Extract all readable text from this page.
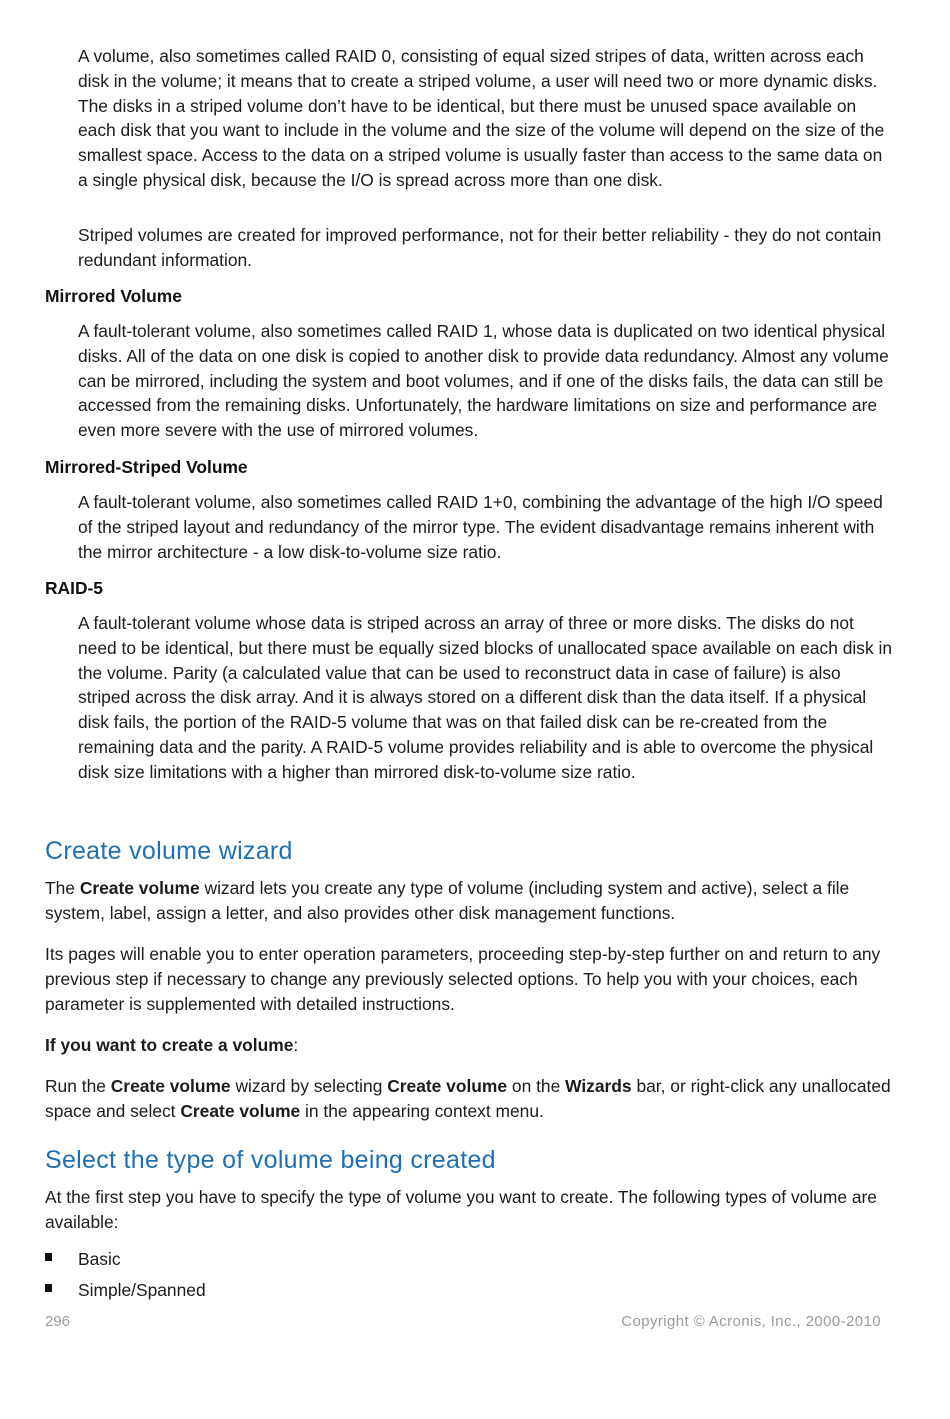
A volume, also sometimes called RAID 0, consisting of equal sized stripes of data, written across each disk in the volume; it means that to create a striped volume, a user will need two or more dynamic disks. The disks in a striped volume don’t have to be identical, but there must be unused space available on each disk that you want to include in the volume and the size of the volume will depend on the size of the smallest space. Access to the data on a striped volume is usually faster than access to the same data on a single physical disk, because the I/O is spread across more than one disk.

Striped volumes are created for improved performance, not for their better reliability - they do not contain redundant information.

Mirrored Volume

A fault-tolerant volume, also sometimes called RAID 1, whose data is duplicated on two identical physical disks. All of the data on one disk is copied to another disk to provide data redundancy. Almost any volume can be mirrored, including the system and boot volumes, and if one of the disks fails, the data can still be accessed from the remaining disks. Unfortunately, the hardware limitations on size and performance are even more severe with the use of mirrored volumes.

Mirrored-Striped Volume

A fault-tolerant volume, also sometimes called RAID 1+0, combining the advantage of the high I/O speed of the striped layout and redundancy of the mirror type. The evident disadvantage remains inherent with the mirror architecture - a low disk-to-volume size ratio.

RAID-5

A fault-tolerant volume whose data is striped across an array of three or more disks. The disks do not need to be identical, but there must be equally sized blocks of unallocated space available on each disk in the volume. Parity (a calculated value that can be used to reconstruct data in case of failure) is also striped across the disk array. And it is always stored on a different disk than the data itself. If a physical disk fails, the portion of the RAID-5 volume that was on that failed disk can be re-created from the remaining data and the parity. A RAID-5 volume provides reliability and is able to overcome the physical disk size limitations with a higher than mirrored disk-to-volume size ratio.

Create volume wizard

The Create volume wizard lets you create any type of volume (including system and active), select a file system, label, assign a letter, and also provides other disk management functions.

Its pages will enable you to enter operation parameters, proceeding step-by-step further on and return to any previous step if necessary to change any previously selected options. To help you with your choices, each parameter is supplemented with detailed instructions.

If you want to create a volume:

Run the Create volume wizard by selecting Create volume on the Wizards bar, or right-click any unallocated space and select Create volume in the appearing context menu.

Select the type of volume being created

At the first step you have to specify the type of volume you want to create. The following types of volume are available:

Basic
Simple/Spanned
296	Copyright © Acronis, Inc., 2000-2010
